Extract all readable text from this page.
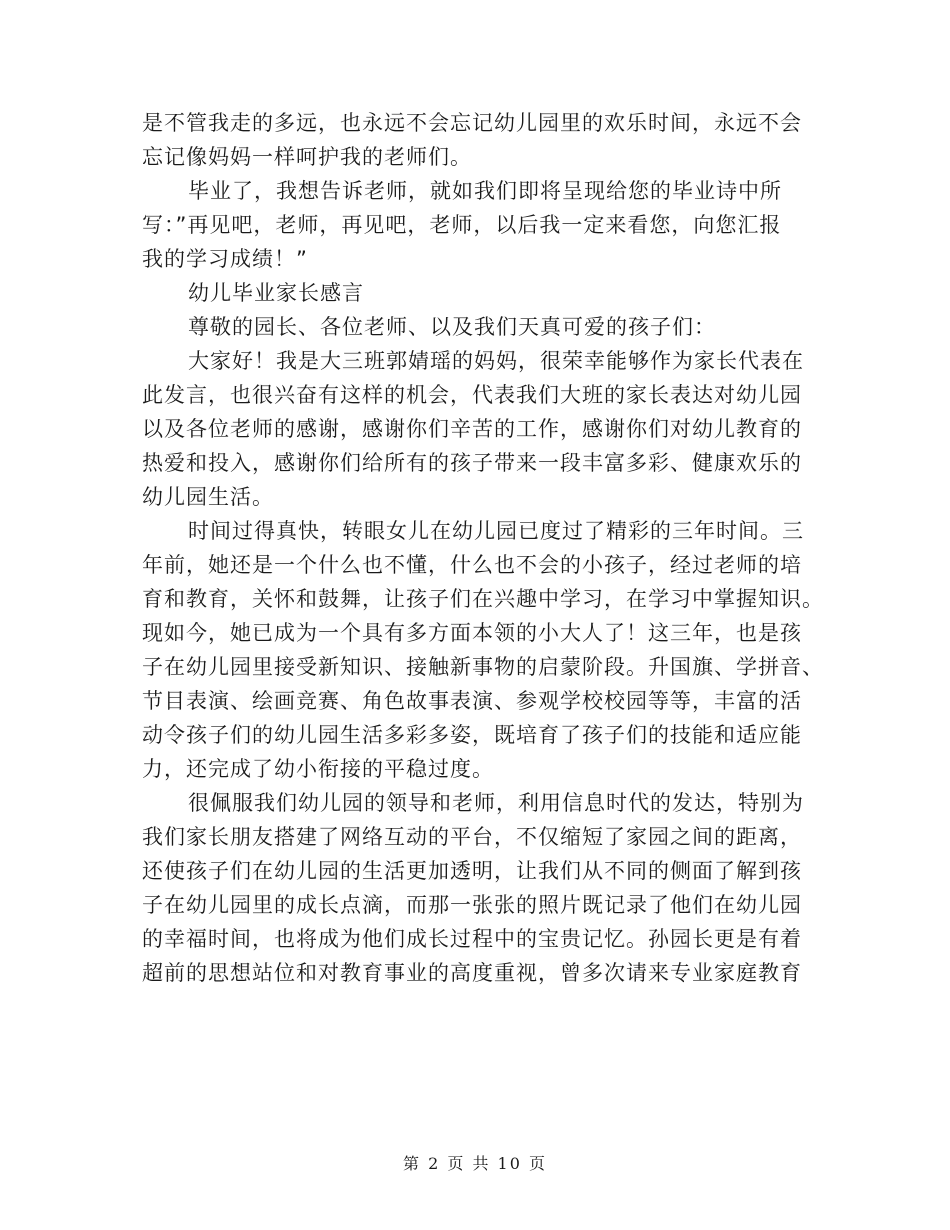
是不管我走的多远，也永远不会忘记幼儿园里的欢乐时间，永远不会

忘记像妈妈一样呵护我的老师们。

毕业了，我想告诉老师，就如我们即将呈现给您的毕业诗中所

写：”再见吧，老师，再见吧，老师，以后我一定来看您，向您汇报

我的学习成绩！”

幼儿毕业家长感言

尊敬的园长、各位老师、以及我们天真可爱的孩子们：

大家好！我是大三班郭婧瑶的妈妈，很荣幸能够作为家长代表在

此发言，也很兴奋有这样的机会，代表我们大班的家长表达对幼儿园

以及各位老师的感谢，感谢你们辛苦的工作，感谢你们对幼儿教育的

热爱和投入，感谢你们给所有的孩子带来一段丰富多彩、健康欢乐的

幼儿园生活。

时间过得真快，转眼女儿在幼儿园已度过了精彩的三年时间。三

年前，她还是一个什么也不懂，什么也不会的小孩子，经过老师的培

育和教育，关怀和鼓舞，让孩子们在兴趣中学习，在学习中掌握知识。

现如今，她已成为一个具有多方面本领的小大人了！这三年，也是孩

子在幼儿园里接受新知识、接触新事物的启蒙阶段。升国旗、学拼音、

节目表演、绘画竞赛、角色故事表演、参观学校校园等等，丰富的活

动令孩子们的幼儿园生活多彩多姿，既培育了孩子们的技能和适应能

力，还完成了幼小衔接的平稳过度。

很佩服我们幼儿园的领导和老师，利用信息时代的发达，特别为

我们家长朋友搭建了网络互动的平台，不仅缩短了家园之间的距离，

还使孩子们在幼儿园的生活更加透明，让我们从不同的侧面了解到孩

子在幼儿园里的成长点滴，而那一张张的照片既记录了他们在幼儿园

的幸福时间，也将成为他们成长过程中的宝贵记忆。孙园长更是有着

超前的思想站位和对教育事业的高度重视，曾多次请来专业家庭教育

第 2 页 共 10 页
